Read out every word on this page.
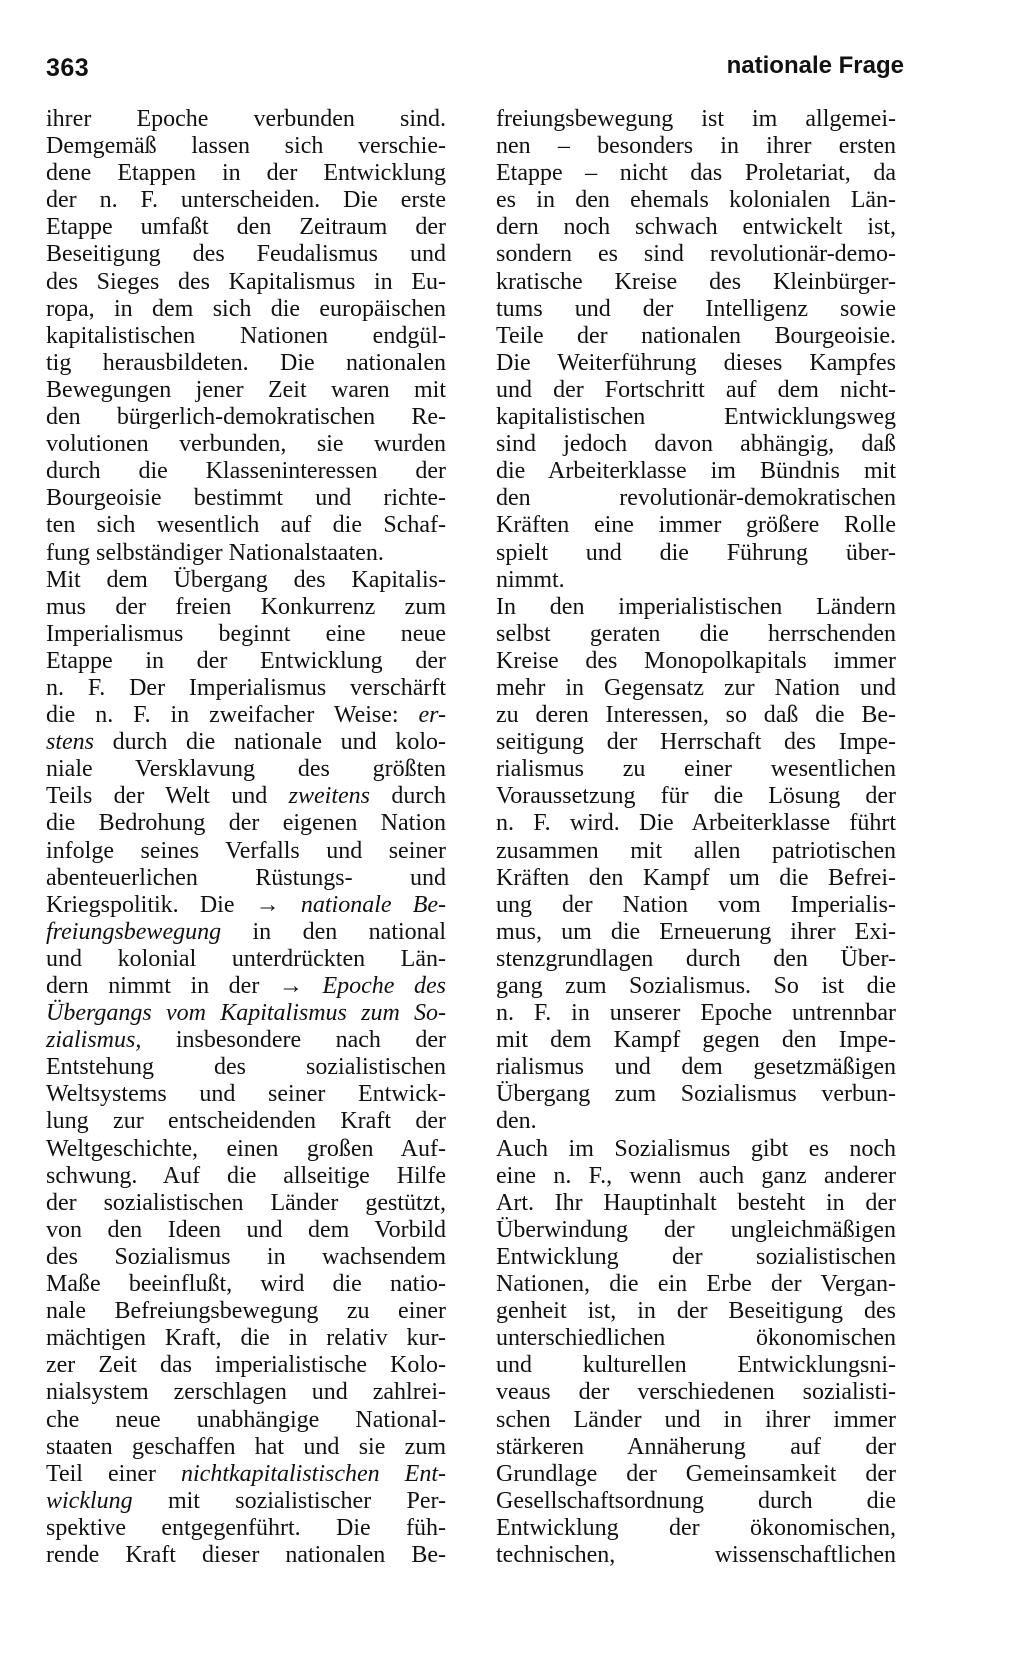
363	nationale Frage
ihrer Epoche verbunden sind.
Demgemäß lassen sich verschie-
dene Etappen in der Entwicklung
der n. F. unterscheiden. Die erste
Etappe umfaßt den Zeitraum der
Beseitigung des Feudalismus und
des Sieges des Kapitalismus in Eu-
ropa, in dem sich die europäischen
kapitalistischen Nationen endgül-
tig herausbildeten. Die nationalen
Bewegungen jener Zeit waren mit
den bürgerlich-demokratischen Re-
volutionen verbunden, sie wurden
durch die Klasseninteressen der
Bourgeoisie bestimmt und richte-
ten sich wesentlich auf die Schaf-
fung selbständiger Nationalstaaten.
Mit dem Übergang des Kapitalis-
mus der freien Konkurrenz zum
Imperialismus beginnt eine neue
Etappe in der Entwicklung der
n. F. Der Imperialismus verschärft
die n. F. in zweifacher Weise: er-
stens durch die nationale und kolo-
niale Versklavung des größten
Teils der Welt und zweitens durch
die Bedrohung der eigenen Nation
infolge seines Verfalls und seiner
abenteuerlichen Rüstungs- und
Kriegspolitik. Die → nationale Be-
freiungsbewegung in den national
und kolonial unterdrückten Län-
dern nimmt in der → Epoche des
Übergangs vom Kapitalismus zum So-
zialismus, insbesondere nach der
Entstehung des sozialistischen
Weltsystems und seiner Entwick-
lung zur entscheidenden Kraft der
Weltgeschichte, einen großen Auf-
schwung. Auf die allseitige Hilfe
der sozialistischen Länder gestützt,
von den Ideen und dem Vorbild
des Sozialismus in wachsendem
Maße beeinflußt, wird die natio-
nale Befreiungsbewegung zu einer
mächtigen Kraft, die in relativ kur-
zer Zeit das imperialistische Kolo-
nialsystem zerschlagen und zahlrei-
che neue unabhängige National-
staaten geschaffen hat und sie zum
Teil einer nichtkapitalistischen Ent-
wicklung mit sozialistischer Per-
spektive entgegenführt. Die füh-
rende Kraft dieser nationalen Be-
freiungsbewegung ist im allgemei-
nen – besonders in ihrer ersten
Etappe – nicht das Proletariat, da
es in den ehemals kolonialen Län-
dern noch schwach entwickelt ist,
sondern es sind revolutionär-demo-
kratische Kreise des Kleinbürger-
tums und der Intelligenz sowie
Teile der nationalen Bourgeoisie.
Die Weiterführung dieses Kampfes
und der Fortschritt auf dem nicht-
kapitalistischen Entwicklungsweg
sind jedoch davon abhängig, daß
die Arbeiterklasse im Bündnis mit
den revolutionär-demokratischen
Kräften eine immer größere Rolle
spielt und die Führung über-
nimmt.
In den imperialistischen Ländern
selbst geraten die herrschenden
Kreise des Monopolkapitals immer
mehr in Gegensatz zur Nation und
zu deren Interessen, so daß die Be-
seitigung der Herrschaft des Impe-
rialismus zu einer wesentlichen
Voraussetzung für die Lösung der
n. F. wird. Die Arbeiterklasse führt
zusammen mit allen patriotischen
Kräften den Kampf um die Befrei-
ung der Nation vom Imperialis-
mus, um die Erneuerung ihrer Exi-
stenzgrundlagen durch den Über-
gang zum Sozialismus. So ist die
n. F. in unserer Epoche untrennbar
mit dem Kampf gegen den Impe-
rialismus und dem gesetzmäßigen
Übergang zum Sozialismus verbun-
den.
Auch im Sozialismus gibt es noch
eine n. F., wenn auch ganz anderer
Art. Ihr Hauptinhalt besteht in der
Überwindung der ungleichmäßigen
Entwicklung der sozialistischen
Nationen, die ein Erbe der Vergan-
genheit ist, in der Beseitigung des
unterschiedlichen ökonomischen
und kulturellen Entwicklungsni-
veaus der verschiedenen sozialisti-
schen Länder und in ihrer immer
stärkeren Annäherung auf der
Grundlage der Gemeinsamkeit der
Gesellschaftsordnung durch die
Entwicklung der ökonomischen,
technischen, wissenschaftlichen
